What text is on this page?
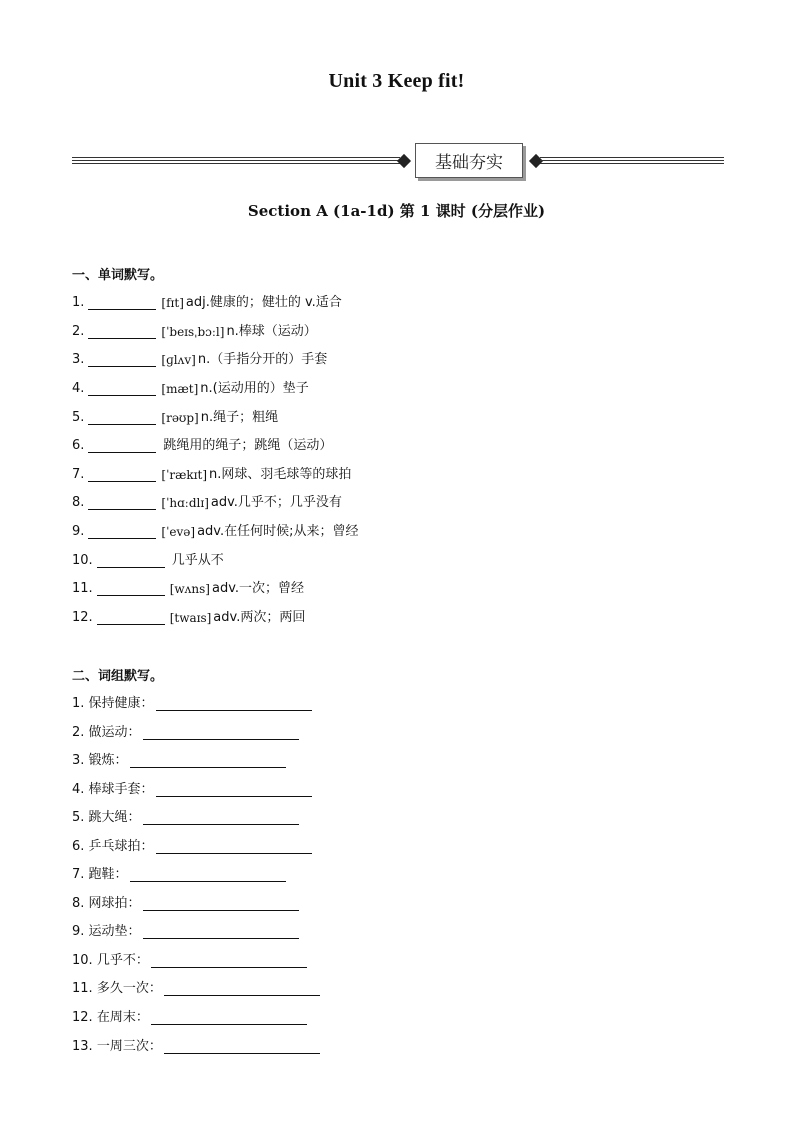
Unit 3 Keep fit!
基础夯实
Section A (1a-1d) 第 1 课时 (分层作业)
一、单词默写。
1.	[fɪt] adj.健康的；健壮的 v.适合
2.	[ˈbeɪsˌbɔːl] n.棒球（运动）
3.	[ɡlʌv] n.（手指分开的）手套
4.	[mæt] n.(运动用的）垫子
5.	[rəʊp] n.绳子；粗绳
6.	跳绳用的绳子；跳绳（运动）
7.	[ˈrækɪt] n.网球、羽毛球等的球拍
8.	[ˈhɑːdlɪ] adv.几乎不；几乎没有
9.	[ˈevə] adv.在任何时候;从来；曾经
10.	几乎从不
11.	[wʌns] adv.一次；曾经
12.	[twaɪs] adv.两次；两回
二、词组默写。
1.
保持健康：
2.
做运动：
3.
锻炼：
4.
棒球手套：
5.
跳大绳：
6.
乒乓球拍：
7.
跑鞋：
8.
网球拍：
9.
运动垫：
10.
几乎不：
11.
多久一次：
12.
在周末：
13.
一周三次：
